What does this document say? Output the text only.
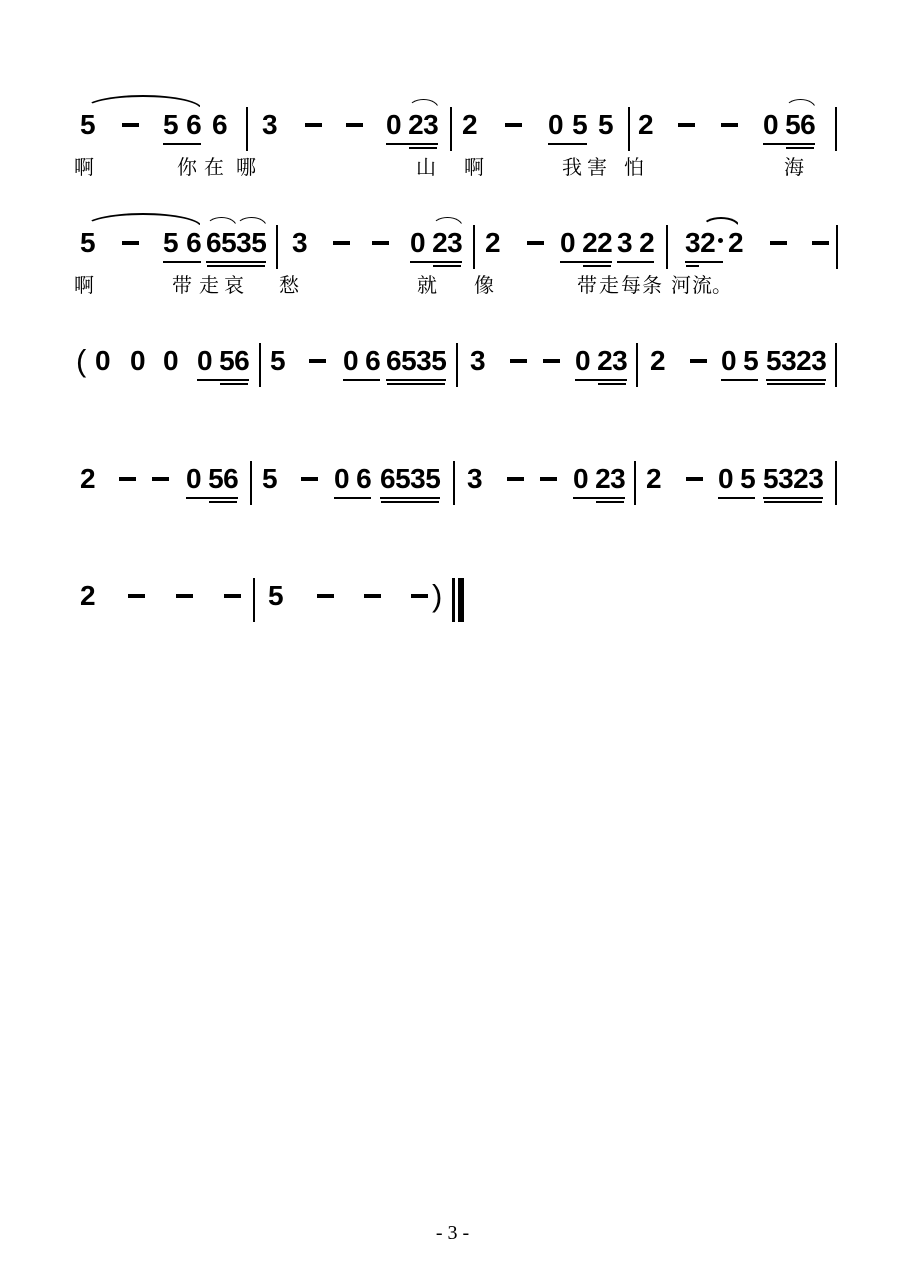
5 5 6 6 3	0 23 2	0 5 5 2	0 56
啊	你 在 哪	山 啊	我 害 怕	海
5 5 6 6535 3	0 23 2 0 22 3 2 32 2
啊	带 走 哀 愁	就 像	带 走 每 条 河 流。
( 0 0 0 0 56 5 0 6 6535 3	0 23 2 0 5 5323
2	0 56 5 0 6 6535 3	0 23 2 0 5 5323
2	5	)
- 3 -
